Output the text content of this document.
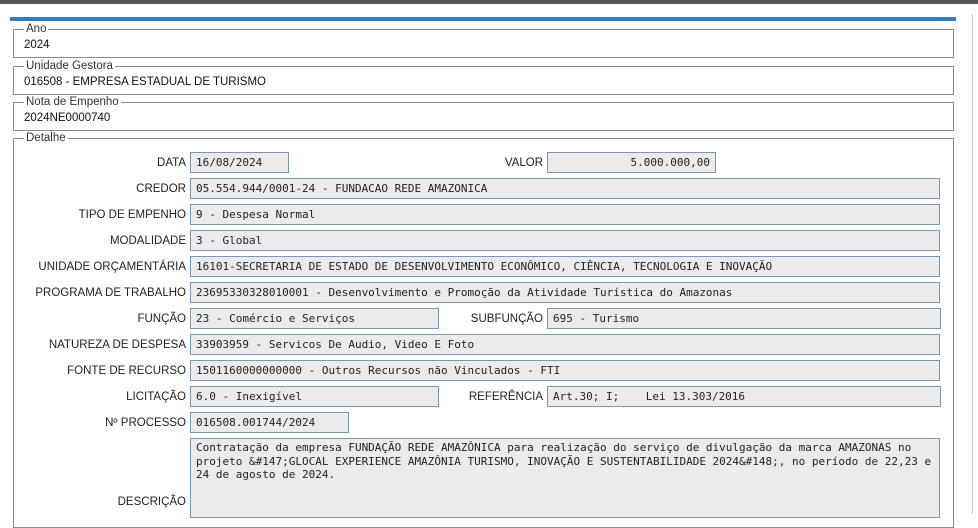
Ano
2024
Unidade Gestora
016508 - EMPRESA ESTADUAL DE TURISMO
Nota de Empenho
2024NE0000740
Detalhe
DATA 16/08/2024	VALOR	5.000.000,00
CREDOR 05.554.944/0001-24 - FUNDACAO REDE AMAZONICA
TIPO DE EMPENHO 9 - Despesa Normal
MODALIDADE 3 - Global
UNIDADE ORÇAMENTÁRIA 16101-SECRETARIA DE ESTADO DE DESENVOLVIMENTO ECONÔMICO, CIÊNCIA, TECNOLOGIA E INOVAÇÃO
PROGRAMA DE TRABALHO 23695330328010001 - Desenvolvimento e Promoção da Atividade Turística do Amazonas
FUNÇÃO 23 - Comércio e Serviços	SUBFUNÇÃO 695 - Turismo
NATUREZA DE DESPESA 33903959 - Servicos De Audio, Video E Foto
FONTE DE RECURSO 1501160000000000 - Outros Recursos não Vinculados - FTI
LICITAÇÃO 6.0 - Inexigível	REFERÊNCIA Art.30; I;    Lei 13.303/2016
Nº PROCESSO 016508.001744/2024
DESCRIÇÃO
Contratação da empresa FUNDAÇÃO REDE AMAZÔNICA para realização do serviço de divulgação da marca AMAZONAS no projeto &#147;GLOCAL EXPERIENCE AMAZÔNIA TURISMO, INOVAÇÃO E SUSTENTABILIDADE 2024&#148;, no período de 22,23 e 24 de agosto de 2024.
